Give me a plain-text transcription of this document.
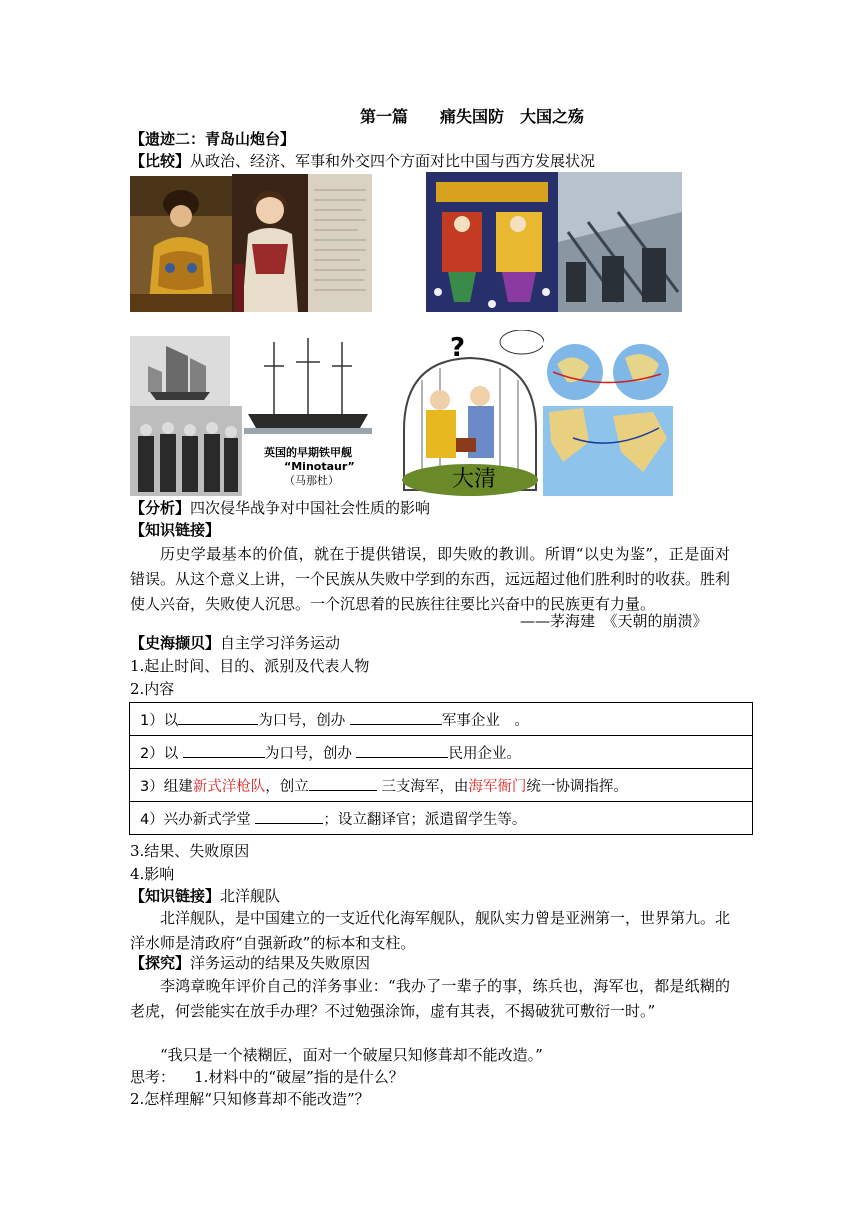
第一篇　　痛失国防　大国之殇
【遗迹二：青岛山炮台】
【比较】从政治、经济、军事和外交四个方面对比中国与西方发展状况
英国的早期铁甲舰
“Minotaur”
（马那杜）
?
大清
【分析】四次侵华战争对中国社会性质的影响
【知识链接】
历史学最基本的价值，就在于提供错误，即失败的教训。所谓“以史为鉴”，正是面对错误。从这个意义上讲，一个民族从失败中学到的东西，远远超过他们胜利时的收获。胜利使人兴奋，失败使人沉思。一个沉思着的民族往往要比兴奋中的民族更有力量。
——茅海建　《天朝的崩溃》
【史海撷贝】自主学习洋务运动
1.起止时间、目的、派别及代表人物
2.内容
1）以	为口号，创办	军事企业　。
2）以	为口号，创办	民用企业。
3）组建新式洋枪队，创立	三支海军，由海军衙门统一协调指挥。
4）兴办新式学堂	；设立翻译官；派遣留学生等。
3.结果、失败原因
4.影响
【知识链接】北洋舰队
北洋舰队，是中国建立的一支近代化海军舰队，舰队实力曾是亚洲第一，世界第九。北洋水师是清政府“自强新政”的标本和支柱。
【探究】洋务运动的结果及失败原因
李鸿章晚年评价自己的洋务事业：“我办了一辈子的事，练兵也，海军也，都是纸糊的老虎，何尝能实在放手办理？不过勉强涂饰，虚有其表，不揭破犹可敷衍一时。”
“我只是一个裱糊匠，面对一个破屋只知修葺却不能改造。”
思考： 1.材料中的“破屋”指的是什么？
2.怎样理解“只知修葺却不能改造”？
